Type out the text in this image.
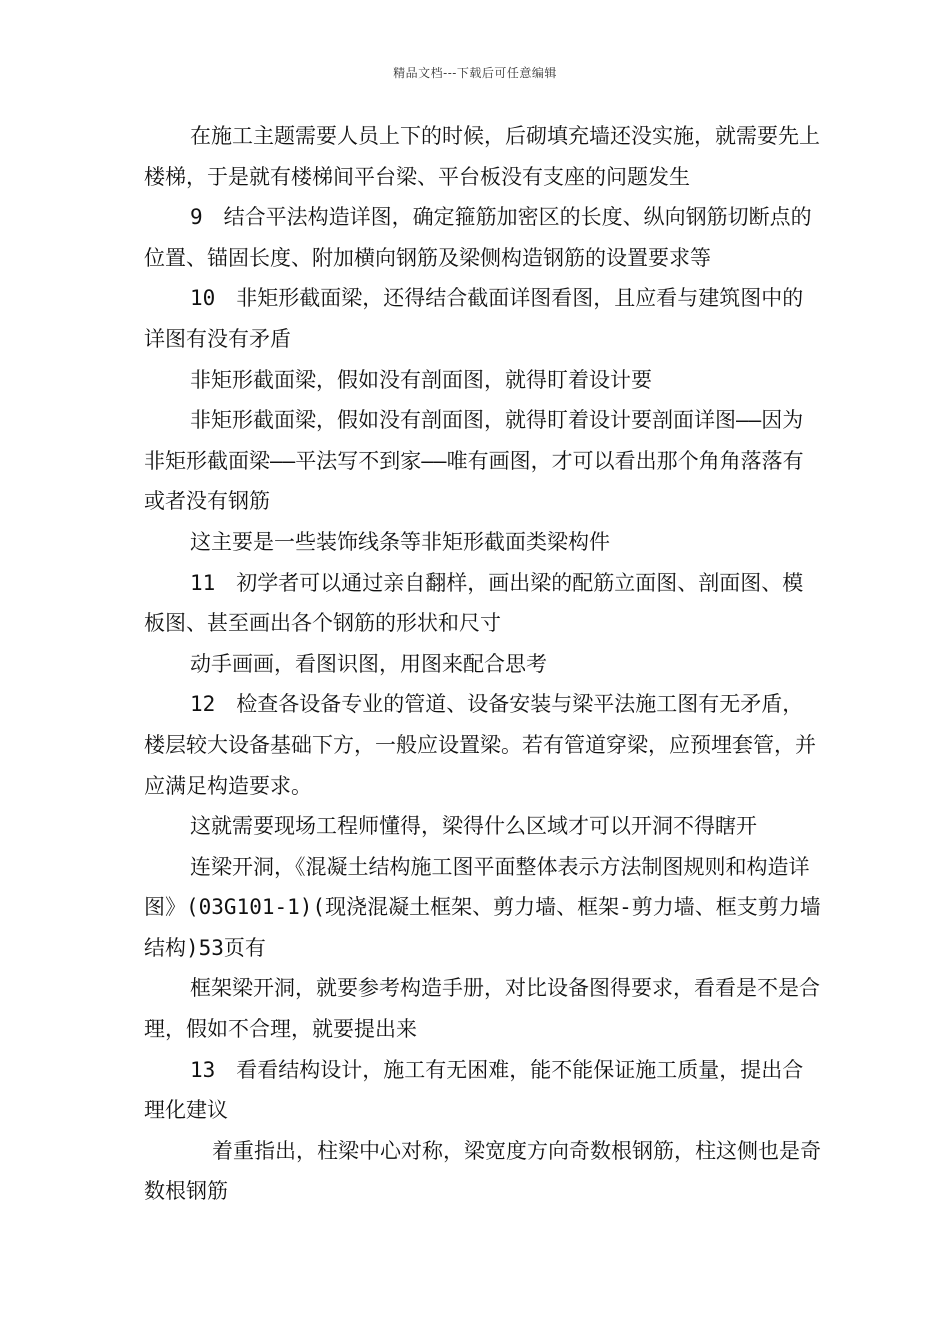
精品文档---下载后可任意编辑

在施工主题需要人员上下的时候，后砌填充墙还没实施，就需要先上楼梯，于是就有楼梯间平台梁、平台板没有支座的问题发生

9　结合平法构造详图，确定箍筋加密区的长度、纵向钢筋切断点的位置、锚固长度、附加横向钢筋及梁侧构造钢筋的设置要求等

10　非矩形截面梁，还得结合截面详图看图，且应看与建筑图中的详图有没有矛盾

非矩形截面梁，假如没有剖面图，就得盯着设计要

非矩形截面梁，假如没有剖面图，就得盯着设计要剖面详图——因为非矩形截面梁——平法写不到家——唯有画图，才可以看出那个角角落落有或者没有钢筋

这主要是一些装饰线条等非矩形截面类梁构件

11　初学者可以通过亲自翻样，画出梁的配筋立面图、剖面图、模板图、甚至画出各个钢筋的形状和尺寸

动手画画，看图识图，用图来配合思考

12　检查各设备专业的管道、设备安装与梁平法施工图有无矛盾，楼层较大设备基础下方，一般应设置梁。若有管道穿梁，应预埋套管，并应满足构造要求。

这就需要现场工程师懂得，梁得什么区域才可以开洞不得瞎开

连梁开洞，《混凝土结构施工图平面整体表示方法制图规则和构造详图》(03G101-1)(现浇混凝土框架、剪力墙、框架-剪力墙、框支剪力墙结构)53页有

框架梁开洞，就要参考构造手册，对比设备图得要求，看看是不是合理，假如不合理，就要提出来

13　看看结构设计，施工有无困难，能不能保证施工质量，提出合理化建议

着重指出，柱梁中心对称，梁宽度方向奇数根钢筋，柱这侧也是奇数根钢筋
